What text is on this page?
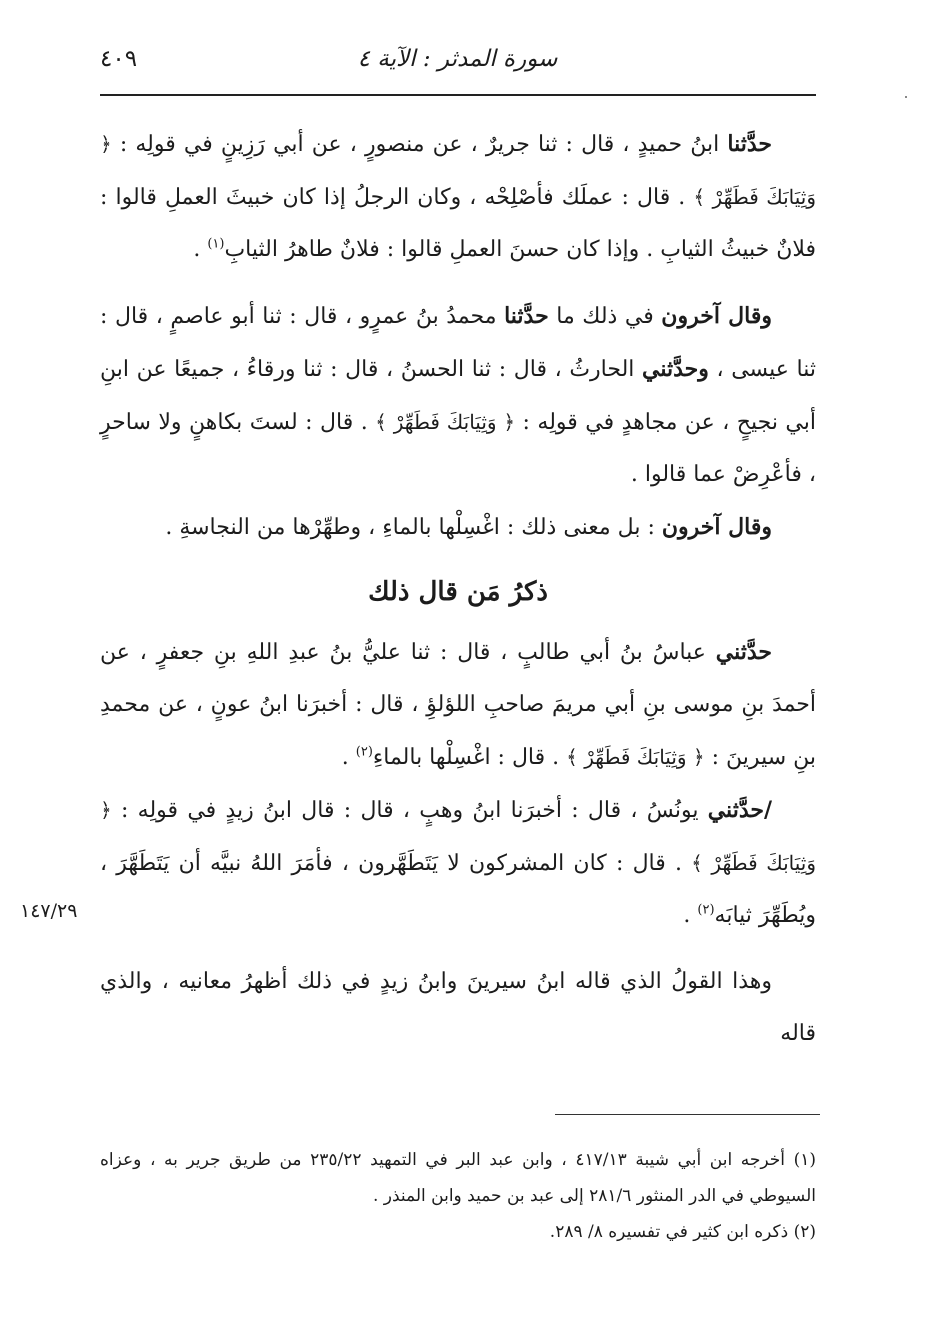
سورة المدثر : الآية ٤
٤٠٩

حدَّثنا ابنُ حميدٍ ، قال : ثنا جريرٌ ، عن منصورٍ ، عن أبي رَزِينٍ في قولِه : ﴿ وَثِيَابَكَ فَطَهِّرْ ﴾ . قال : عملَك فأصْلِحْه ، وكان الرجلُ إذا كان خبيثَ العملِ قالوا : فلانٌ خبيثُ الثيابِ . وإذا كان حسنَ العملِ قالوا : فلانٌ طاهرُ الثيابِ$^{(١)}$ .

وقال آخرون في ذلك ما حدَّثنا محمدُ بنُ عمرٍو ، قال : ثنا أبو عاصمٍ ، قال : ثنا عيسى ، وحدَّثني الحارثُ ، قال : ثنا الحسنُ ، قال : ثنا ورقاءُ ، جميعًا عن ابنِ أبي نجيحٍ ، عن مجاهدٍ في قولِه : ﴿ وَثِيَابَكَ فَطَهِّرْ ﴾ . قال : لستَ بكاهنٍ ولا ساحرٍ ، فأعْرِضْ عما قالوا .

وقال آخرون : بل معنى ذلك : اغْسِلْها بالماءِ ، وطهِّرْها من النجاسةِ .

ذكرُ مَن قال ذلك

حدَّثني عباسُ بنُ أبي طالبٍ ، قال : ثنا عليُّ بنُ عبدِ اللهِ بنِ جعفرٍ ، عن أحمدَ بنِ موسى بنِ أبي مريمَ صاحبِ اللؤلؤِ ، قال : أخبرَنا ابنُ عونٍ ، عن محمدِ بنِ سيرينَ : ﴿ وَثِيَابَكَ فَطَهِّرْ ﴾ . قال : اغْسِلْها بالماءِ$^{(٢)}$ .

/حدَّثني يونُسُ ، قال : أخبرَنا ابنُ وهبٍ ، قال : قال ابنُ زيدٍ في قولِه : ﴿ وَثِيَابَكَ فَطَهِّرْ ﴾ . قال : كان المشركون لا يَتَطَهَّرون ، فأمَرَ اللهُ نبيَّه أن يَتَطَهَّرَ ، ويُطَهِّرَ ثيابَه$^{(٢)}$ .

وهذا القولُ الذي قاله ابنُ سيرينَ وابنُ زيدٍ في ذلك أظهرُ معانيه ، والذي قاله

١٤٧/٢٩

(١) أخرجه ابن أبي شيبة ٤١٧/١٣ ، وابن عبد البر في التمهيد ٢٣٥/٢٢ من طريق جرير به ، وعزاه السيوطي في الدر المنثور ٢٨١/٦ إلى عبد بن حميد وابن المنذر .

(٢) ذكره ابن كثير في تفسيره ٨/ ٢٨٩.
